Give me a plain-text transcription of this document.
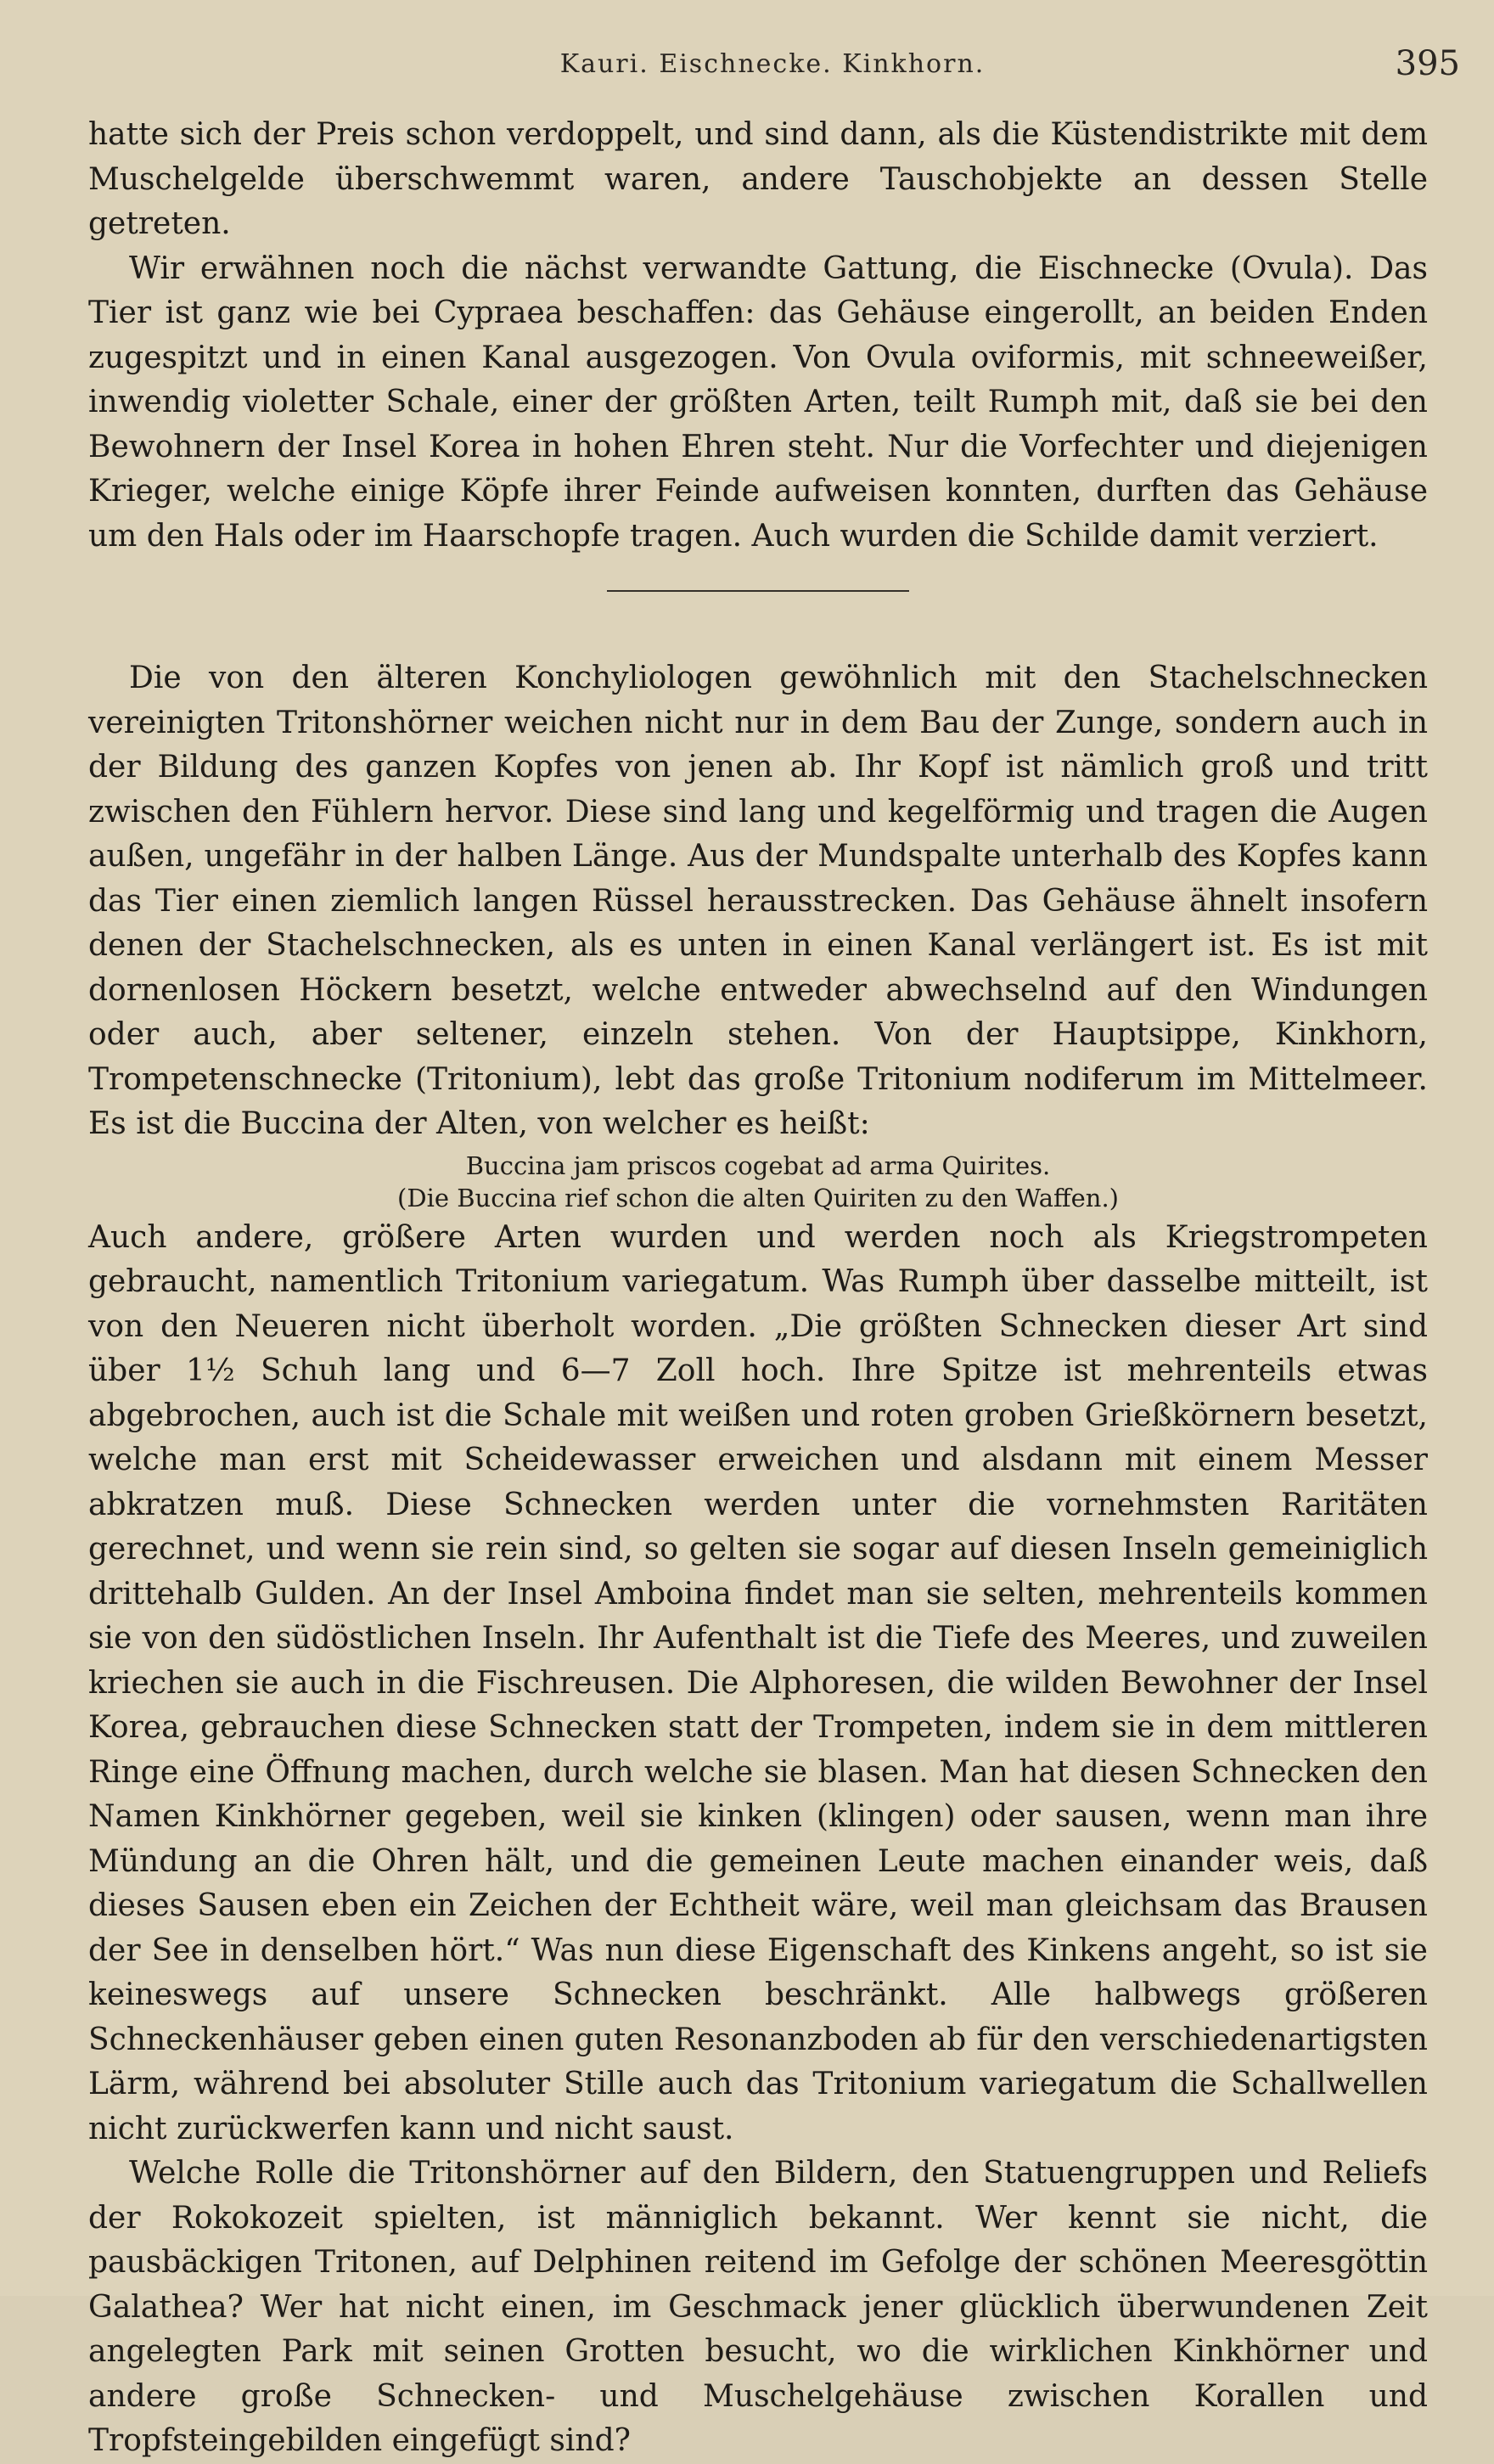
Kauri. Eischnecke. Kinkhorn.	395

hatte sich der Preis schon verdoppelt, und sind dann, als die Küstendistrikte mit dem Muschelgelde überschwemmt waren, andere Tauschobjekte an dessen Stelle getreten.

Wir erwähnen noch die nächst verwandte Gattung, die Eischnecke (Ovula). Das Tier ist ganz wie bei Cypraea beschaffen: das Gehäuse eingerollt, an beiden Enden zugespitzt und in einen Kanal ausgezogen. Von Ovula oviformis, mit schneeweißer, inwendig violetter Schale, einer der größten Arten, teilt Rumph mit, daß sie bei den Bewohnern der Insel Korea in hohen Ehren steht. Nur die Vorfechter und diejenigen Krieger, welche einige Köpfe ihrer Feinde aufweisen konnten, durften das Gehäuse um den Hals oder im Haarschopfe tragen. Auch wurden die Schilde damit verziert.

Die von den älteren Konchyliologen gewöhnlich mit den Stachelschnecken vereinigten Tritonshörner weichen nicht nur in dem Bau der Zunge, sondern auch in der Bildung des ganzen Kopfes von jenen ab. Ihr Kopf ist nämlich groß und tritt zwischen den Fühlern hervor. Diese sind lang und kegelförmig und tragen die Augen außen, ungefähr in der halben Länge. Aus der Mundspalte unterhalb des Kopfes kann das Tier einen ziemlich langen Rüssel herausstrecken. Das Gehäuse ähnelt insofern denen der Stachelschnecken, als es unten in einen Kanal verlängert ist. Es ist mit dornenlosen Höckern besetzt, welche entweder abwechselnd auf den Windungen oder auch, aber seltener, einzeln stehen. Von der Hauptsippe, Kinkhorn, Trompetenschnecke (Tritonium), lebt das große Tritonium nodiferum im Mittelmeer. Es ist die Buccina der Alten, von welcher es heißt:

Buccina jam priscos cogebat ad arma Quirites.

(Die Buccina rief schon die alten Quiriten zu den Waffen.)

Auch andere, größere Arten wurden und werden noch als Kriegstrompeten gebraucht, namentlich Tritonium variegatum. Was Rumph über dasselbe mitteilt, ist von den Neueren nicht überholt worden. „Die größten Schnecken dieser Art sind über 1½ Schuh lang und 6—7 Zoll hoch. Ihre Spitze ist mehrenteils etwas abgebrochen, auch ist die Schale mit weißen und roten groben Grießkörnern besetzt, welche man erst mit Scheidewasser erweichen und alsdann mit einem Messer abkratzen muß. Diese Schnecken werden unter die vornehmsten Raritäten gerechnet, und wenn sie rein sind, so gelten sie sogar auf diesen Inseln gemeiniglich drittehalb Gulden. An der Insel Amboina findet man sie selten, mehrenteils kommen sie von den südöstlichen Inseln. Ihr Aufenthalt ist die Tiefe des Meeres, und zuweilen kriechen sie auch in die Fischreusen. Die Alphoresen, die wilden Bewohner der Insel Korea, gebrauchen diese Schnecken statt der Trompeten, indem sie in dem mittleren Ringe eine Öffnung machen, durch welche sie blasen. Man hat diesen Schnecken den Namen Kinkhörner gegeben, weil sie kinken (klingen) oder sausen, wenn man ihre Mündung an die Ohren hält, und die gemeinen Leute machen einander weis, daß dieses Sausen eben ein Zeichen der Echtheit wäre, weil man gleichsam das Brausen der See in denselben hört.“ Was nun diese Eigenschaft des Kinkens angeht, so ist sie keineswegs auf unsere Schnecken beschränkt. Alle halbwegs größeren Schneckenhäuser geben einen guten Resonanzboden ab für den verschiedenartigsten Lärm, während bei absoluter Stille auch das Tritonium variegatum die Schallwellen nicht zurückwerfen kann und nicht saust.

Welche Rolle die Tritonshörner auf den Bildern, den Statuengruppen und Reliefs der Rokokozeit spielten, ist männiglich bekannt. Wer kennt sie nicht, die pausbäckigen Tritonen, auf Delphinen reitend im Gefolge der schönen Meeresgöttin Galathea? Wer hat nicht einen, im Geschmack jener glücklich überwundenen Zeit angelegten Park mit seinen Grotten besucht, wo die wirklichen Kinkhörner und andere große Schnecken- und Muschelgehäuse zwischen Korallen und Tropfsteingebilden eingefügt sind?
